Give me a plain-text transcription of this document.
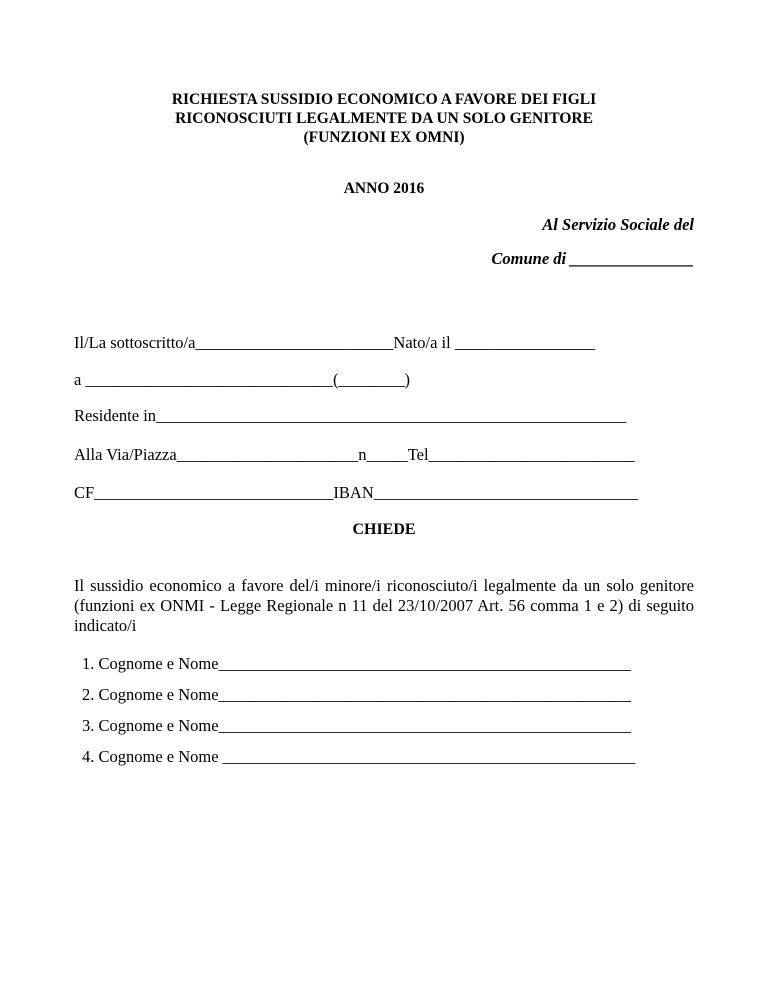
RICHIESTA SUSSIDIO ECONOMICO A FAVORE DEI FIGLI
RICONOSCIUTI LEGALMENTE DA UN SOLO GENITORE
(FUNZIONI EX OMNI)
ANNO 2016
Al Servizio Sociale del
Comune di _______________
Il/La sottoscritto/a________________________Nato/a il _________________
a ______________________________(________)
Residente in_________________________________________________________
Alla Via/Piazza______________________n_____Tel_________________________
CF_____________________________IBAN________________________________
CHIEDE
Il sussidio economico a favore del/i minore/i riconosciuto/i legalmente da un solo genitore (funzioni ex ONMI - Legge Regionale n 11 del 23/10/2007 Art. 56 comma 1 e 2) di seguito indicato/i
1. Cognome e Nome__________________________________________________
2. Cognome e Nome__________________________________________________
3. Cognome e Nome__________________________________________________
4. Cognome e Nome __________________________________________________
